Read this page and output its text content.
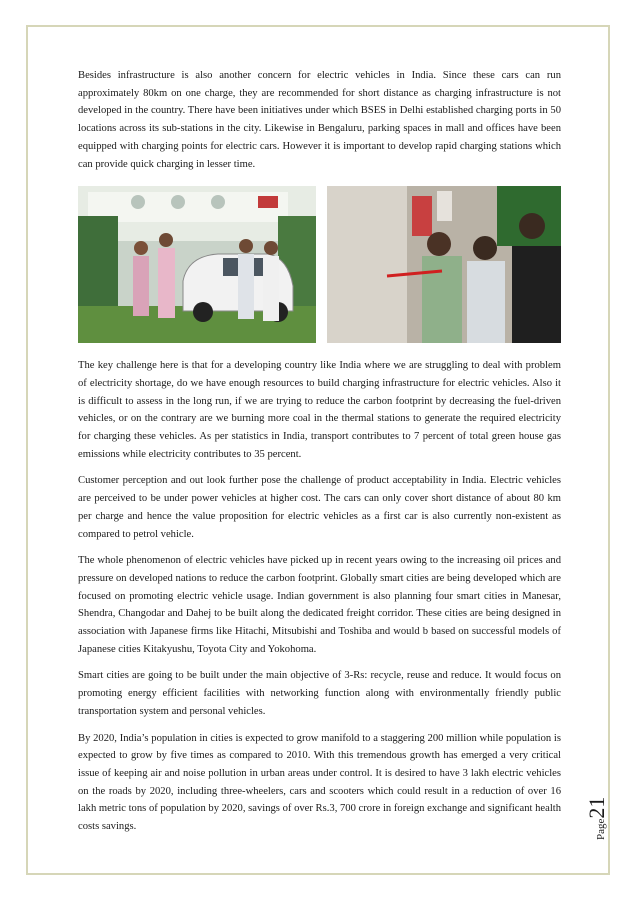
Besides infrastructure is also another concern for electric vehicles in India. Since these cars can run approximately 80km on one charge, they are recommended for short distance as charging infrastructure is not developed in the country. There have been initiatives under which BSES in Delhi established charging ports in 50 locations across its sub-stations in the city. Likewise in Bengaluru, parking spaces in mall and offices have been equipped with charging points for electric cars. However it is important to develop rapid charging stations which can provide quick charging in lesser time.

The key challenge here is that for a developing country like India where we are struggling to deal with problem of electricity shortage, do we have enough resources to build charging infrastructure for electric vehicles. Also it is difficult to assess in the long run, if we are trying to reduce the carbon footprint by decreasing the fuel-driven vehicles, or on the contrary are we burning more coal in the thermal stations to generate the required electricity for charging these vehicles. As per statistics in India, transport contributes to 7 percent of total green house gas emissions while electricity contributes to 35 percent.

Customer perception and out look further pose the challenge of product acceptability in India. Electric vehicles are perceived to be under power vehicles at higher cost. The cars can only cover short distance of about 80 km per charge and hence the value proposition for electric vehicles as a first car is also currently non-existent as compared to petrol vehicle.

The whole phenomenon of electric vehicles have picked up in recent years owing to the increasing oil prices and pressure on developed nations to reduce the carbon footprint. Globally smart cities are being developed which are focused on promoting electric vehicle usage. Indian government is also planning four smart cities in Manesar, Shendra, Changodar and Dahej to be built along the dedicated freight corridor. These cities are being designed in association with Japanese firms like Hitachi, Mitsubishi and Toshiba and would b based on successful models of Japanese cities Kitakyushu, Toyota City and Yokohoma.

Smart cities are going to be built under the main objective of 3-Rs: recycle, reuse and reduce. It would focus on promoting energy efficient facilities with networking function along with environmentally friendly public transportation system and personal vehicles.

By 2020, India’s population in cities is expected to grow manifold to a staggering 200 million while population is expected to grow by five times as compared to 2010. With this tremendous growth has emerged a very critical issue of keeping air and noise pollution in urban areas under control. It is desired to have 3 lakh electric vehicles on the roads by 2020, including three-wheelers, cars and scooters which could result in a reduction of over 16 lakh metric tons of population by 2020, savings of over Rs.3, 700 crore in foreign exchange and significant health costs savings.	Page21
